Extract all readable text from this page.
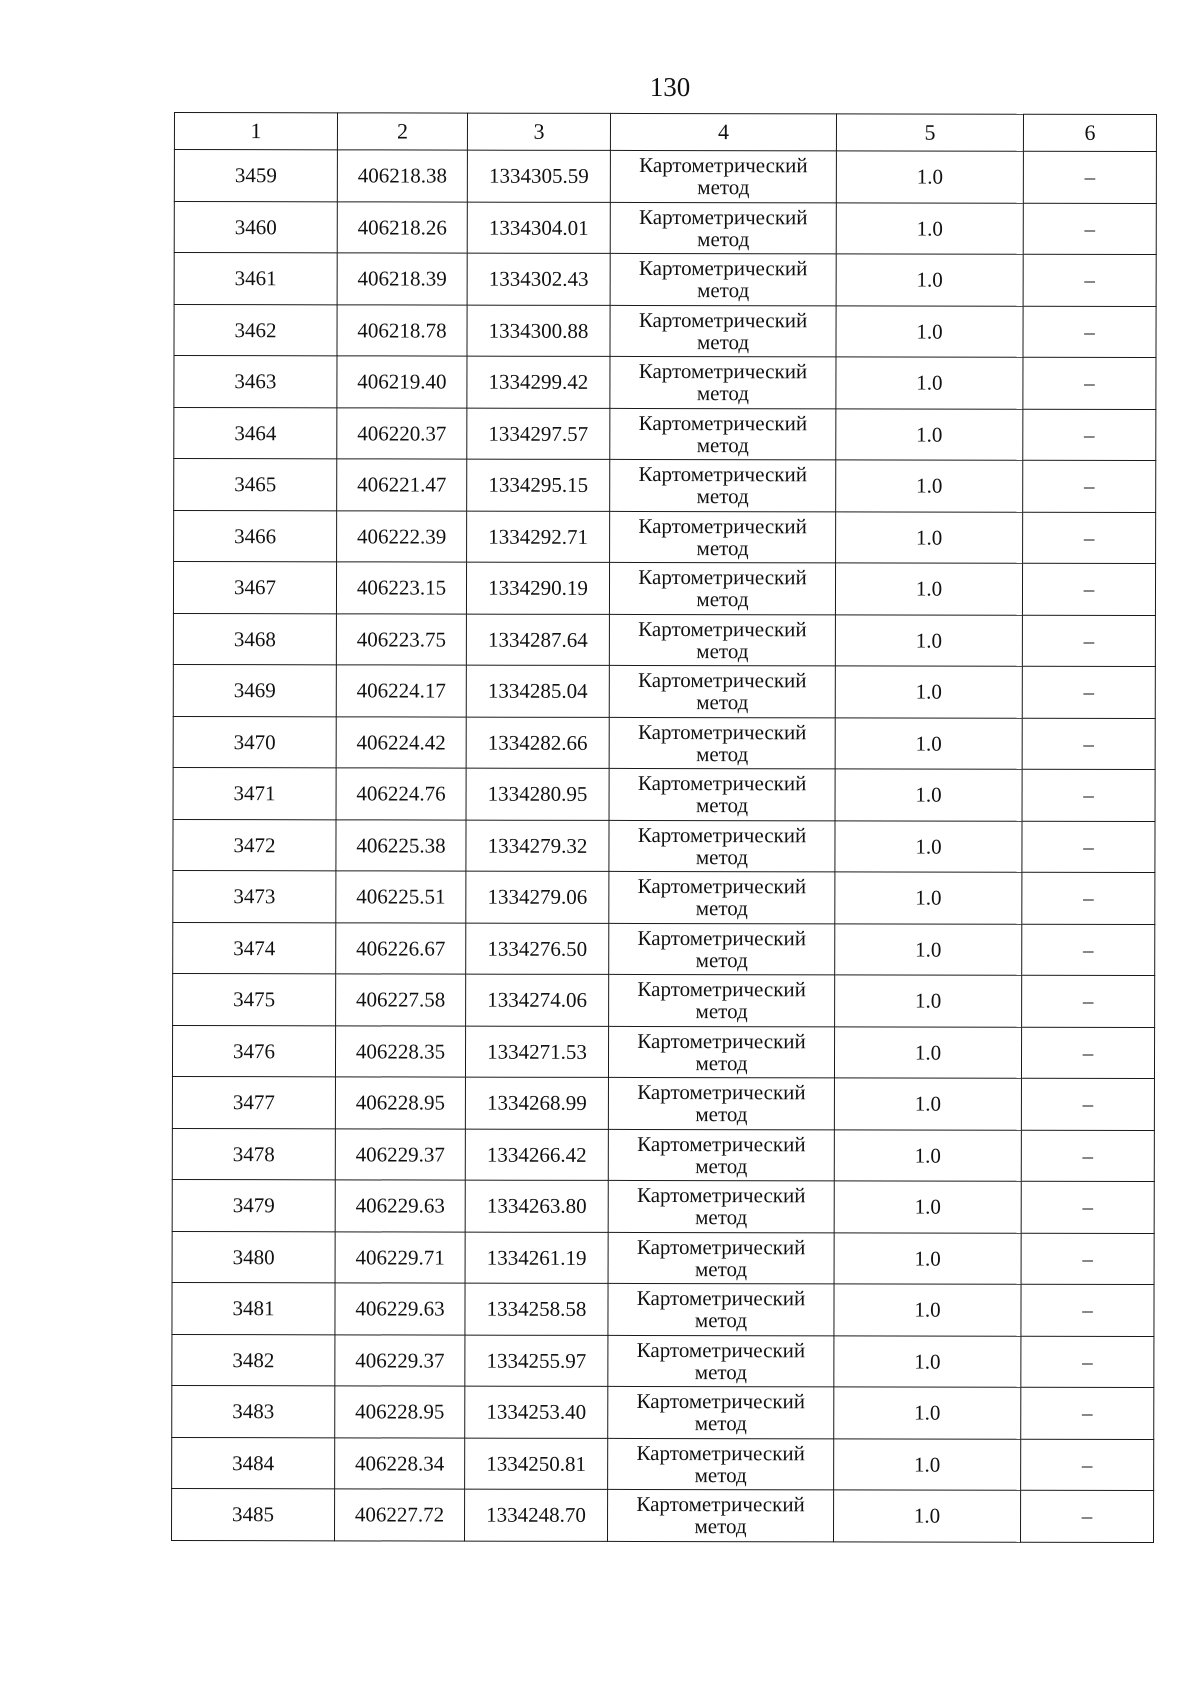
130
1	2	3	4	5	6
3459	406218.38	1334305.59	Картометрический метод	1.0	–
3460	406218.26	1334304.01	Картометрический метод	1.0	–
3461	406218.39	1334302.43	Картометрический метод	1.0	–
3462	406218.78	1334300.88	Картометрический метод	1.0	–
3463	406219.40	1334299.42	Картометрический метод	1.0	–
3464	406220.37	1334297.57	Картометрический метод	1.0	–
3465	406221.47	1334295.15	Картометрический метод	1.0	–
3466	406222.39	1334292.71	Картометрический метод	1.0	–
3467	406223.15	1334290.19	Картометрический метод	1.0	–
3468	406223.75	1334287.64	Картометрический метод	1.0	–
3469	406224.17	1334285.04	Картометрический метод	1.0	–
3470	406224.42	1334282.66	Картометрический метод	1.0	–
3471	406224.76	1334280.95	Картометрический метод	1.0	–
3472	406225.38	1334279.32	Картометрический метод	1.0	–
3473	406225.51	1334279.06	Картометрический метод	1.0	–
3474	406226.67	1334276.50	Картометрический метод	1.0	–
3475	406227.58	1334274.06	Картометрический метод	1.0	–
3476	406228.35	1334271.53	Картометрический метод	1.0	–
3477	406228.95	1334268.99	Картометрический метод	1.0	–
3478	406229.37	1334266.42	Картометрический метод	1.0	–
3479	406229.63	1334263.80	Картометрический метод	1.0	–
3480	406229.71	1334261.19	Картометрический метод	1.0	–
3481	406229.63	1334258.58	Картометрический метод	1.0	–
3482	406229.37	1334255.97	Картометрический метод	1.0	–
3483	406228.95	1334253.40	Картометрический метод	1.0	–
3484	406228.34	1334250.81	Картометрический метод	1.0	–
3485	406227.72	1334248.70	Картометрический метод	1.0	–
